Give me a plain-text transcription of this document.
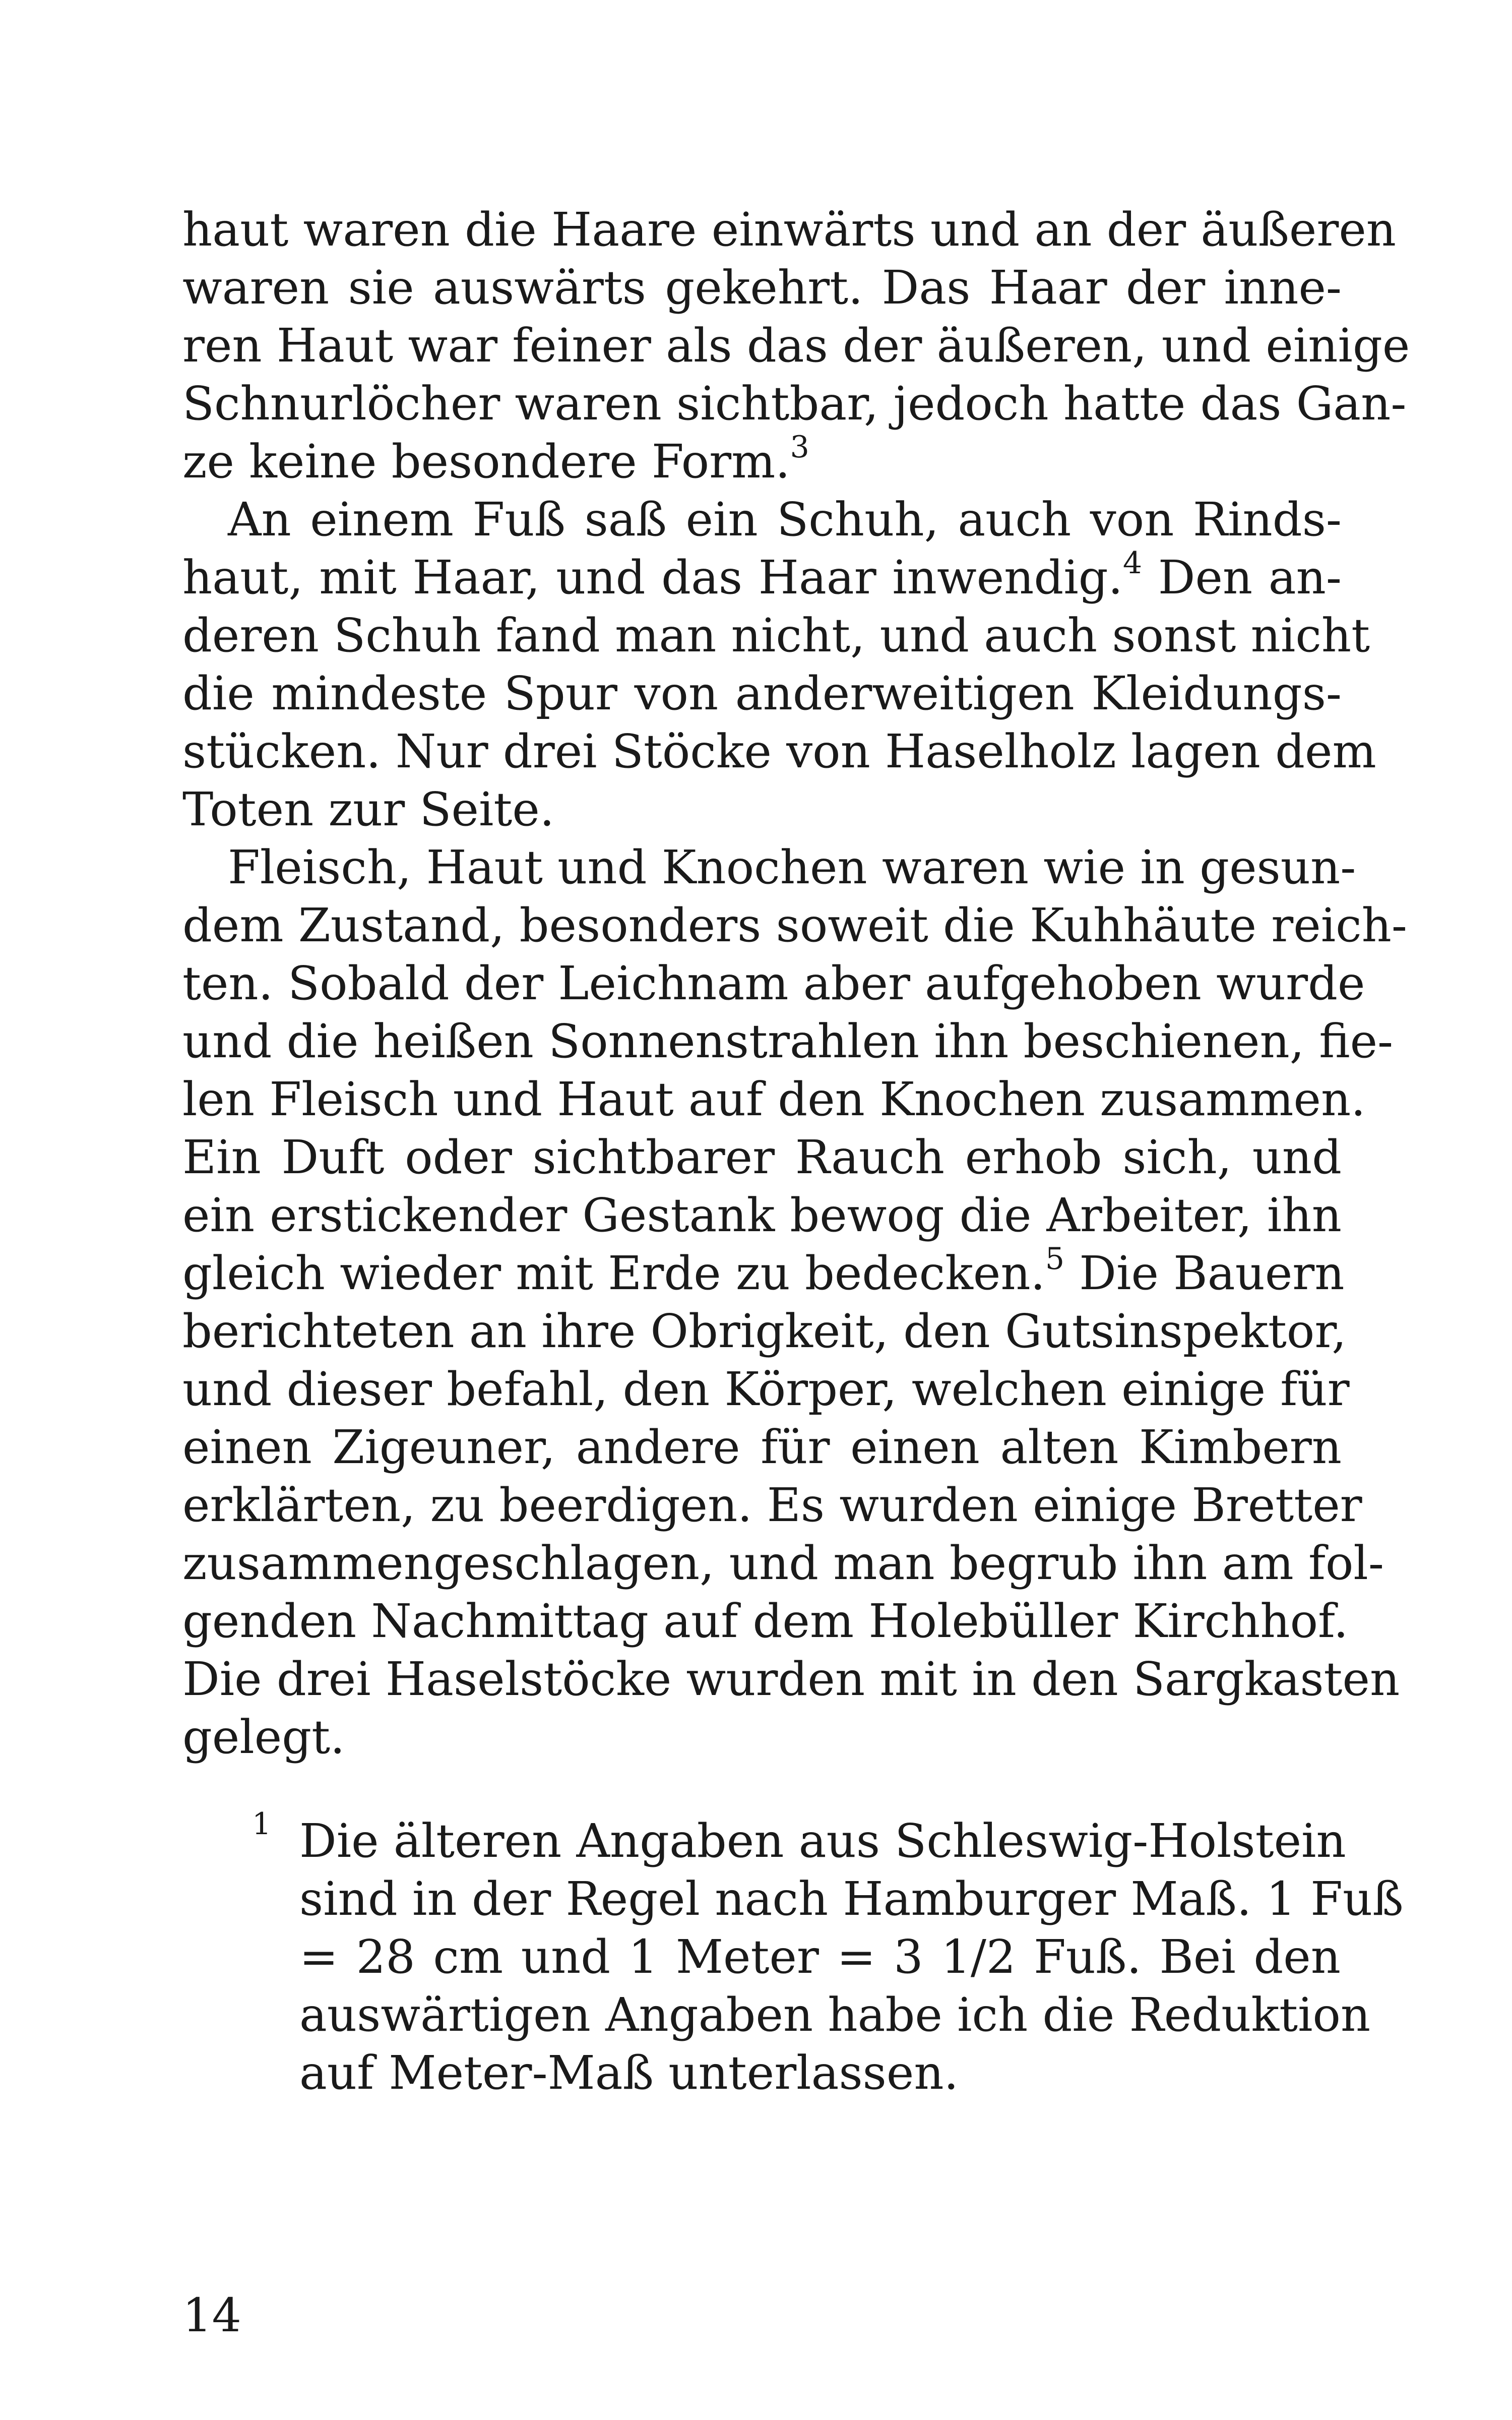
haut waren die Haare einwärts und an der äußeren
waren sie auswärts gekehrt. Das Haar der inne-
ren Haut war feiner als das der äußeren, und einige
Schnurlöcher waren sichtbar, jedoch hatte das Gan-
ze keine besondere Form.$^3$
An einem Fuß saß ein Schuh, auch von Rinds-
haut, mit Haar, und das Haar inwendig.$^4$ Den an-
deren Schuh fand man nicht, und auch sonst nicht
die mindeste Spur von anderweitigen Kleidungs-
stücken. Nur drei Stöcke von Haselholz lagen dem
Toten zur Seite.
Fleisch, Haut und Knochen waren wie in gesun-
dem Zustand, besonders soweit die Kuhhäute reich-
ten. Sobald der Leichnam aber aufgehoben wurde
und die heißen Sonnenstrahlen ihn beschienen, fie-
len Fleisch und Haut auf den Knochen zusammen.
Ein Duft oder sichtbarer Rauch erhob sich, und
ein erstickender Gestank bewog die Arbeiter, ihn
gleich wieder mit Erde zu bedecken.$^5$ Die Bauern
berichteten an ihre Obrigkeit, den Gutsinspektor,
und dieser befahl, den Körper, welchen einige für
einen Zigeuner, andere für einen alten Kimbern
erklärten, zu beerdigen. Es wurden einige Bretter
zusammengeschlagen, und man begrub ihn am fol-
genden Nachmittag auf dem Holebüller Kirchhof.
Die drei Haselstöcke wurden mit in den Sargkasten
gelegt.
1 Die älteren Angaben aus Schleswig-Holstein
sind in der Regel nach Hamburger Maß. 1 Fuß
= 28 cm und 1 Meter = 3 1/2 Fuß. Bei den
auswärtigen Angaben habe ich die Reduktion
auf Meter-Maß unterlassen.
14
